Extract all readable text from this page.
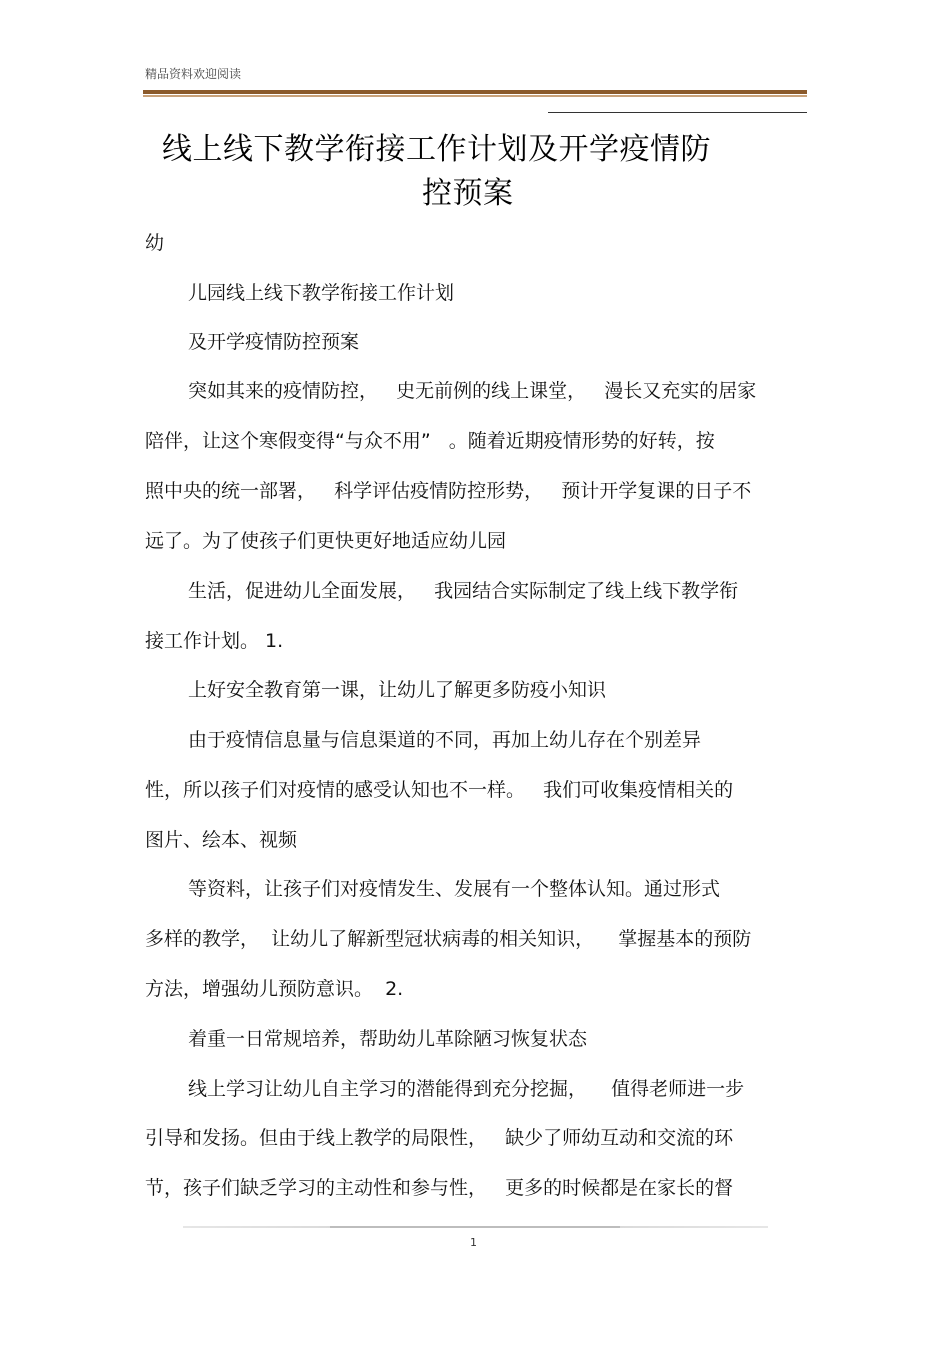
精品资料欢迎阅读
线上线下教学衔接工作计划及开学疫情防
控预案
幼
儿园线上线下教学衔接工作计划
及开学疫情防控预案
突如其来的疫情防控，   史无前例的线上课堂，   漫长又充实的居家
陪伴，让这个寒假变得“与众不用”   。随着近期疫情形势的好转，按
照中央的统一部署，   科学评估疫情防控形势，   预计开学复课的日子不
远了。为了使孩子们更快更好地适应幼儿园
生活，促进幼儿全面发展，   我园结合实际制定了线上线下教学衔
接工作计划。 1.
上好安全教育第一课，让幼儿了解更多防疫小知识
由于疫情信息量与信息渠道的不同，再加上幼儿存在个别差异
性，所以孩子们对疫情的感受认知也不一样。   我们可收集疫情相关的
图片、绘本、视频
等资料，让孩子们对疫情发生、发展有一个整体认知。通过形式
多样的教学，  让幼儿了解新型冠状病毒的相关知识，    掌握基本的预防
方法，增强幼儿预防意识。  2.
着重一日常规培养，帮助幼儿革除陋习恢复状态
线上学习让幼儿自主学习的潜能得到充分挖掘，    值得老师进一步
引导和发扬。但由于线上教学的局限性，   缺少了师幼互动和交流的环
节，孩子们缺乏学习的主动性和参与性，   更多的时候都是在家长的督
1
